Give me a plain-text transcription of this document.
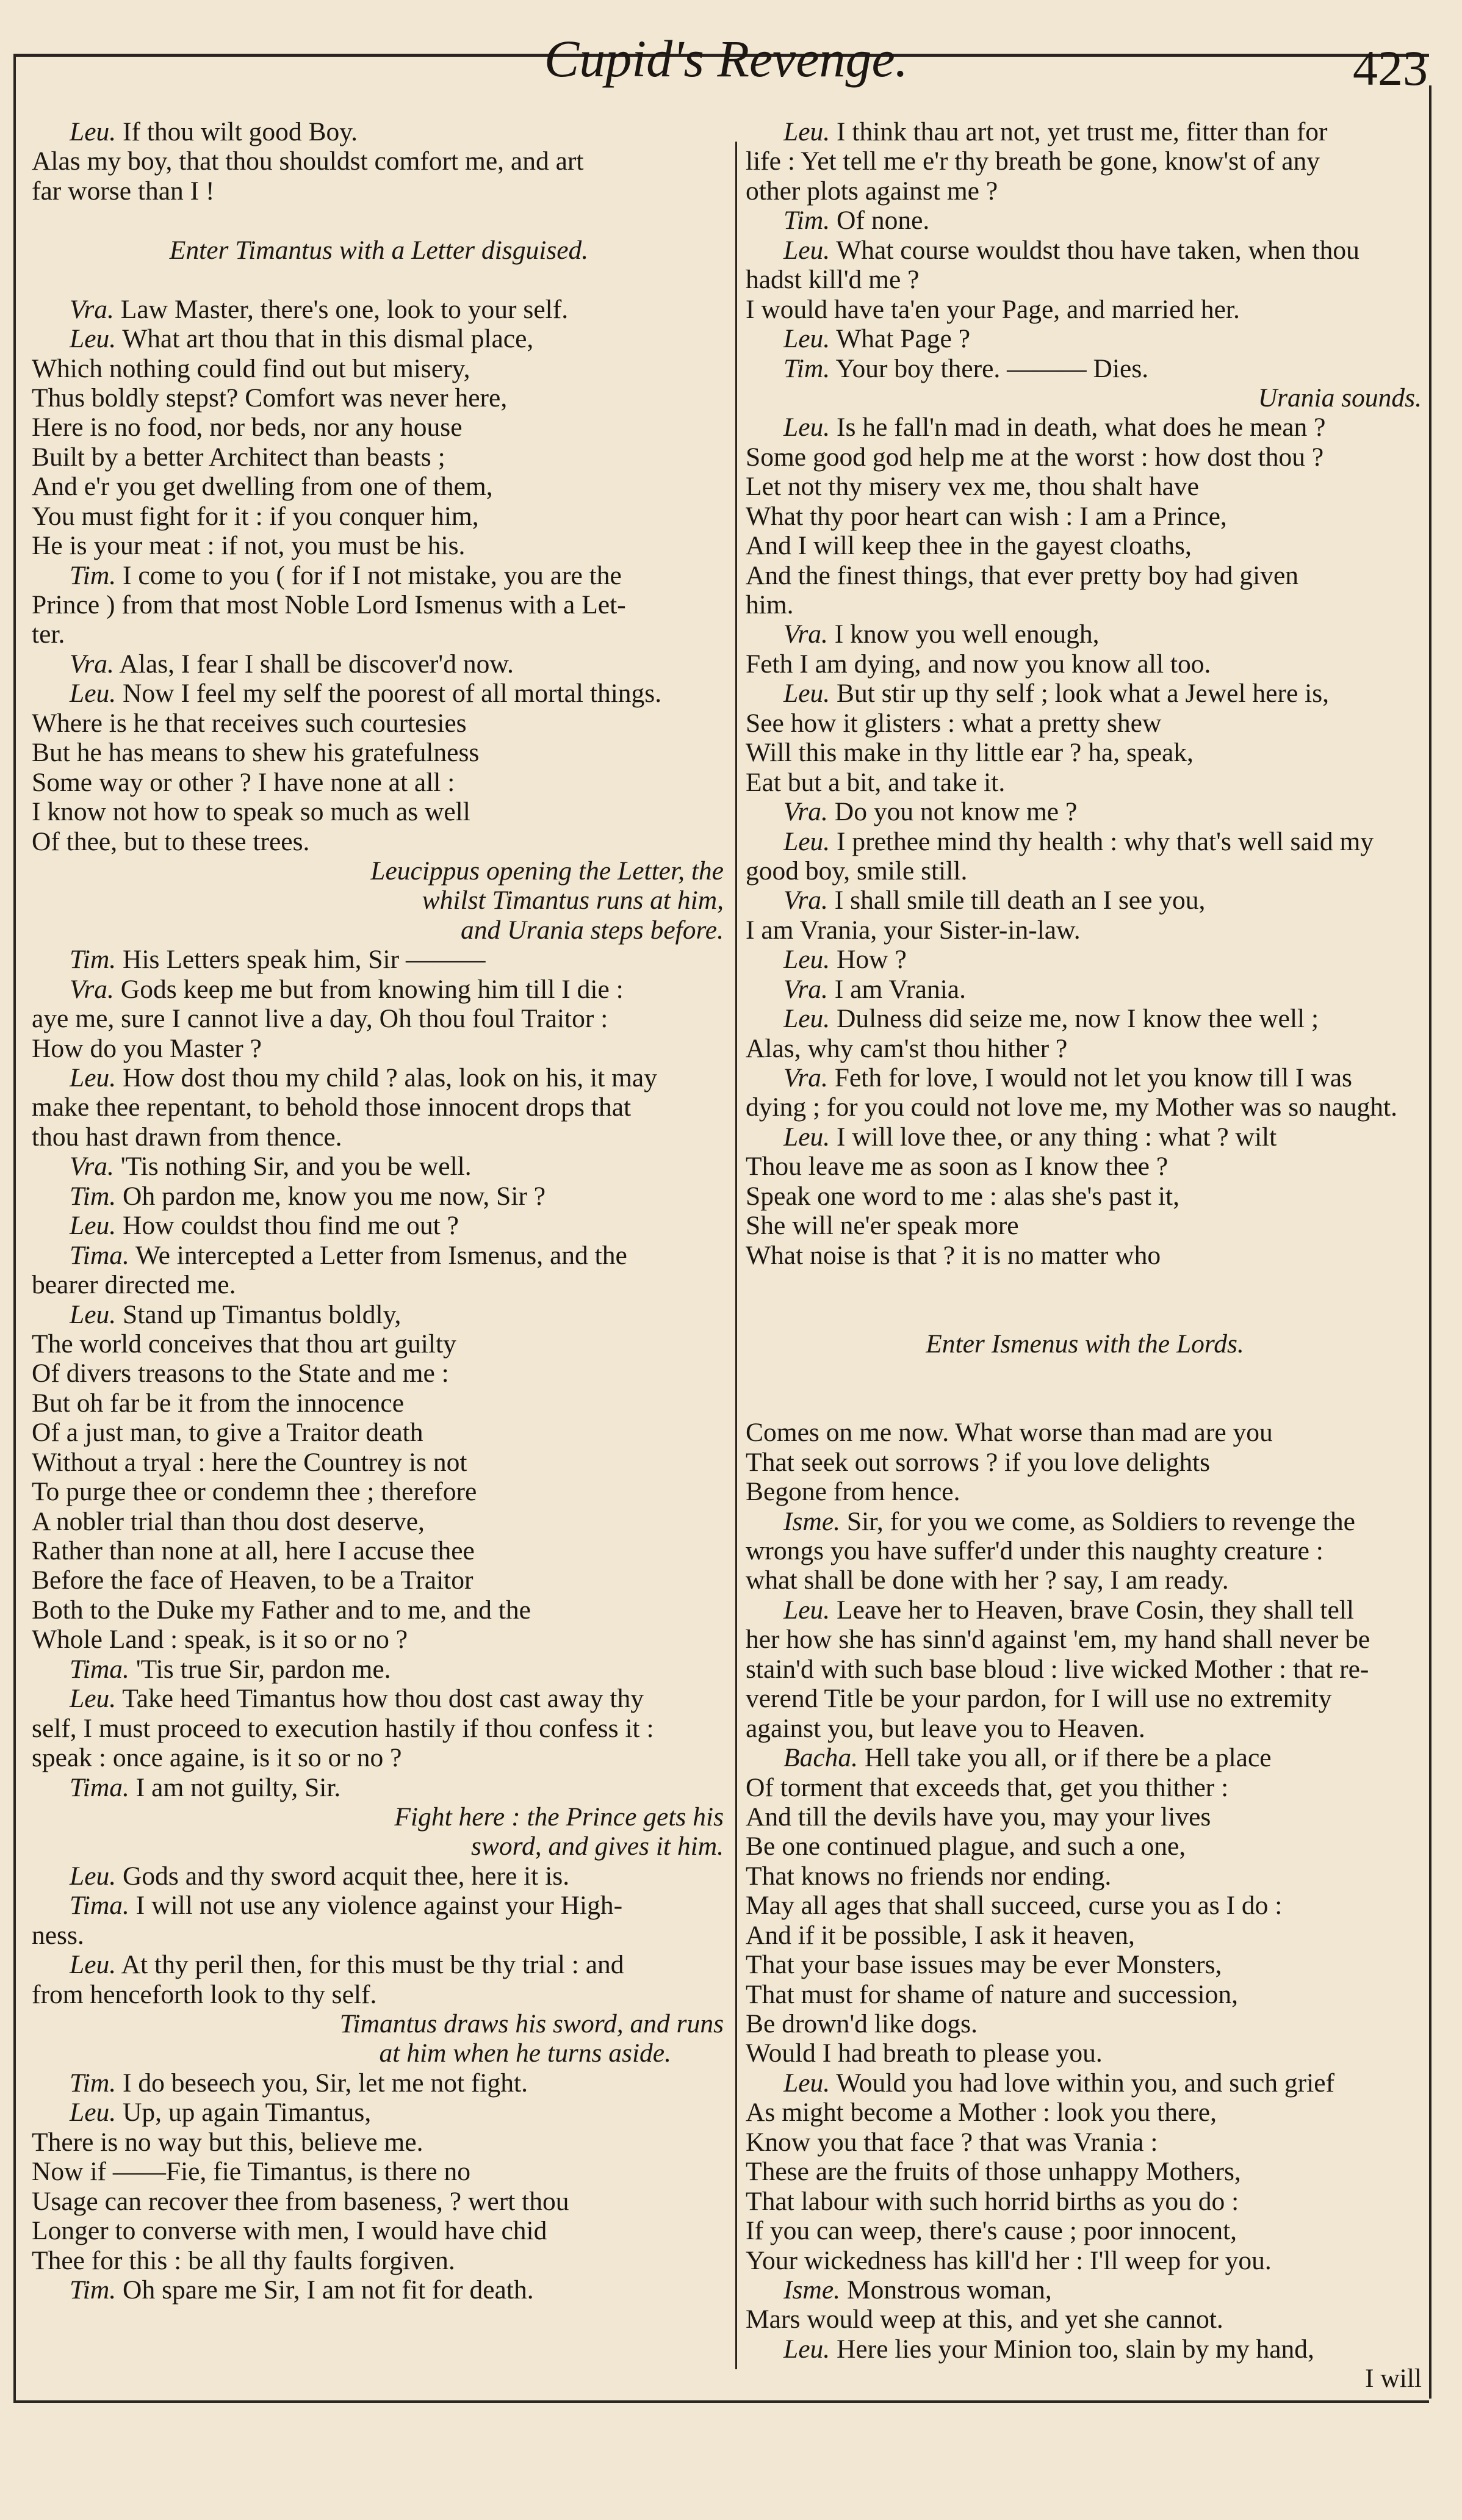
Cupid's Revenge.	423
Leu. If thou wilt good Boy.
Alas my boy, that thou shouldst comfort me, and art
far worse than I !
Enter Timantus with a Letter disguised.
Vra. Law Master, there's one, look to your self.
Leu. What art thou that in this dismal place,
Which nothing could find out but misery,
Thus boldly stepst? Comfort was never here,
Here is no food, nor beds, nor any house
Built by a better Architect than beasts ;
And e'r you get dwelling from one of them,
You must fight for it : if you conquer him,
He is your meat : if not, you must be his.
Tim. I come to you ( for if I not mistake, you are the
Prince ) from that most Noble Lord Ismenus with a Let-
ter.
Vra. Alas, I fear I shall be discover'd now.
Leu. Now I feel my self the poorest of all mortal things.
Where is he that receives such courtesies
But he has means to shew his gratefulness
Some way or other ? I have none at all :
I know not how to speak so much as well
Of thee, but to these trees.
Leucippus opening the Letter, the
whilst Timantus runs at him,
and Urania steps before.
Tim. His Letters speak him, Sir ———
Vra. Gods keep me but from knowing him till I die :
aye me, sure I cannot live a day, Oh thou foul Traitor :
How do you Master ?
Leu. How dost thou my child ? alas, look on his, it may
make thee repentant, to behold those innocent drops that
thou hast drawn from thence.
Vra. 'Tis nothing Sir, and you be well.
Tim. Oh pardon me, know you me now, Sir ?
Leu. How couldst thou find me out ?
Tima. We intercepted a Letter from Ismenus, and the
bearer directed me.
Leu. Stand up Timantus boldly,
The world conceives that thou art guilty
Of divers treasons to the State and me :
But oh far be it from the innocence
Of a just man, to give a Traitor death
Without a tryal : here the Countrey is not
To purge thee or condemn thee ; therefore
A nobler trial than thou dost deserve,
Rather than none at all, here I accuse thee
Before the face of Heaven, to be a Traitor
Both to the Duke my Father and to me, and the
Whole Land : speak, is it so or no ?
Tima. 'Tis true Sir, pardon me.
Leu. Take heed Timantus how thou dost cast away thy
self, I must proceed to execution hastily if thou confess it :
speak : once againe, is it so or no ?
Tima. I am not guilty, Sir.
Fight here : the Prince gets his
sword, and gives it him.
Leu. Gods and thy sword acquit thee, here it is.
Tima. I will not use any violence against your High-
ness.
Leu. At thy peril then, for this must be thy trial : and
from henceforth look to thy self.
Timantus draws his sword, and runs
at him when he turns aside.
Tim. I do beseech you, Sir, let me not fight.
Leu. Up, up again Timantus,
There is no way but this, believe me.
Now if ——Fie, fie Timantus, is there no
Usage can recover thee from baseness, ? wert thou
Longer to converse with men, I would have chid
Thee for this : be all thy faults forgiven.
Tim. Oh spare me Sir, I am not fit for death.
Leu. I think thau art not, yet trust me, fitter than for
life : Yet tell me e'r thy breath be gone, know'st of any
other plots against me ?
Tim. Of none.
Leu. What course wouldst thou have taken, when thou
hadst kill'd me ?
I would have ta'en your Page, and married her.
Leu. What Page ?
Tim. Your boy there. ——— Dies.
Urania sounds.
Leu. Is he fall'n mad in death, what does he mean ?
Some good god help me at the worst : how dost thou ?
Let not thy misery vex me, thou shalt have
What thy poor heart can wish : I am a Prince,
And I will keep thee in the gayest cloaths,
And the finest things, that ever pretty boy had given
him.
Vra. I know you well enough,
Feth I am dying, and now you know all too.
Leu. But stir up thy self ; look what a Jewel here is,
See how it glisters : what a pretty shew
Will this make in thy little ear ? ha, speak,
Eat but a bit, and take it.
Vra. Do you not know me ?
Leu. I prethee mind thy health : why that's well said my
good boy, smile still.
Vra. I shall smile till death an I see you,
I am Vrania, your Sister-in-law.
Leu. How ?
Vra. I am Vrania.
Leu. Dulness did seize me, now I know thee well ;
Alas, why cam'st thou hither ?
Vra. Feth for love, I would not let you know till I was
dying ; for you could not love me, my Mother was so naught.
Leu. I will love thee, or any thing : what ? wilt
Thou leave me as soon as I know thee ?
Speak one word to me : alas she's past it,
She will ne'er speak more
What noise is that ? it is no matter who
Enter Ismenus with the Lords.
Comes on me now. What worse than mad are you
That seek out sorrows ? if you love delights
Begone from hence.
Isme. Sir, for you we come, as Soldiers to revenge the
wrongs you have suffer'd under this naughty creature :
what shall be done with her ? say, I am ready.
Leu. Leave her to Heaven, brave Cosin, they shall tell
her how she has sinn'd against 'em, my hand shall never be
stain'd with such base bloud : live wicked Mother : that re-
verend Title be your pardon, for I will use no extremity
against you, but leave you to Heaven.
Bacha. Hell take you all, or if there be a place
Of torment that exceeds that, get you thither :
And till the devils have you, may your lives
Be one continued plague, and such a one,
That knows no friends nor ending.
May all ages that shall succeed, curse you as I do :
And if it be possible, I ask it heaven,
That your base issues may be ever Monsters,
That must for shame of nature and succession,
Be drown'd like dogs.
Would I had breath to please you.
Leu. Would you had love within you, and such grief
As might become a Mother : look you there,
Know you that face ? that was Vrania :
These are the fruits of those unhappy Mothers,
That labour with such horrid births as you do :
If you can weep, there's cause ; poor innocent,
Your wickedness has kill'd her : I'll weep for you.
Isme. Monstrous woman,
Mars would weep at this, and yet she cannot.
Leu. Here lies your Minion too, slain by my hand,
I will
